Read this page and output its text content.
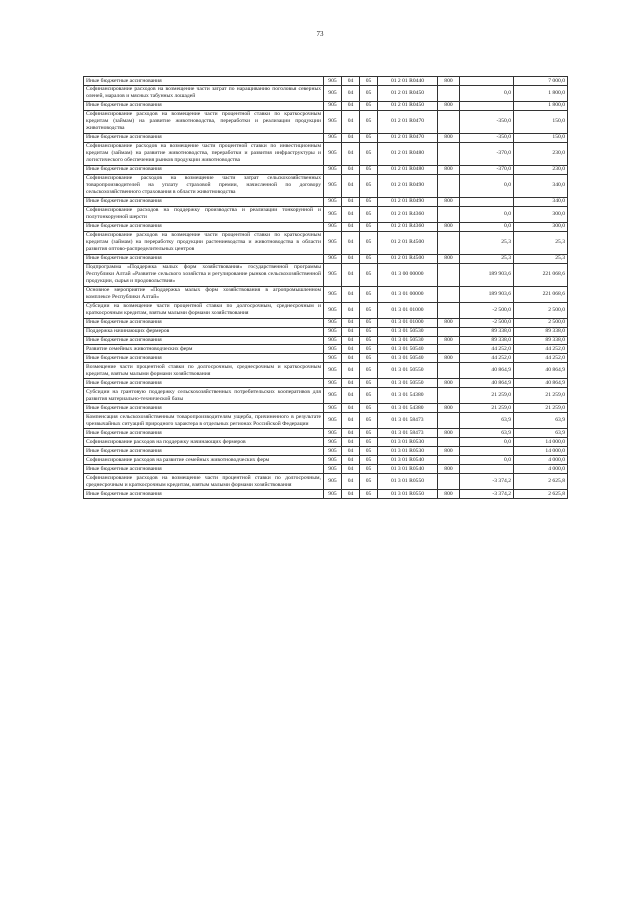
73
Иные бюджетные ассигнования	905	04	05	01 2 01 R0440	800		7 000,0
Софинансирование расходов на возмещение части затрат по наращиванию поголовья северных оленей, маралов и мясных табунных лошадей	905	04	05	01 2 01 R0450		0,0	1 800,0
Иные бюджетные ассигнования	905	04	05	01 2 01 R0450	800		1 800,0
Софинансирование расходов на возмещение части процентной ставки по краткосрочным кредитам (займам) на развитие животноводства, переработки и реализации продукции животноводства	905	04	05	01 2 01 R0470		-350,0	150,0
Иные бюджетные ассигнования	905	04	05	01 2 01 R0470	800	-350,0	150,0
Софинансирование расходов на возмещение части процентной ставки по инвестиционным кредитам (займам) на развитие животноводства, переработки и развития инфраструктуры и логистического обеспечения рынков продукции животноводства	905	04	05	01 2 01 R0480		-370,0	230,0
Иные бюджетные ассигнования	905	04	05	01 2 01 R0480	800	-370,0	230,0
Софинансирование расходов на возмещение части затрат сельскохозяйственных товаропроизводителей на уплату страховой премии, начисленной по договору сельскохозяйственного страхования в области животноводства	905	04	05	01 2 01 R0490		0,0	340,0
Иные бюджетные ассигнования	905	04	05	01 2 01 R0490	800		340,0
Софинансирование расходов на поддержку производства и реализации тонкорунной и полутонкорунной шерсти	905	04	05	01 2 01 R4360		0,0	300,0
Иные бюджетные ассигнования	905	04	05	01 2 01 R4360	800	0,0	300,0
Софинансирование расходов на возмещение части процентной ставки по краткосрочным кредитам (займам) на переработку продукции растениеводства и животноводства в области развития оптово-распределительных центров	905	04	05	01 2 01 R4500		25,3	25,3
Иные бюджетные ассигнования	905	04	05	01 2 01 R4500	800	25,3	25,3
Подпрограмма «Поддержка малых форм хозяйствования» государственной программы Республики Алтай «Развитие сельского хозяйства и регулирование рынков сельскохозяйственной продукции, сырья и продовольствия»	905	04	05	01 3 00 00000		189 903,6	221 068,6
Основное мероприятие «Поддержка малых форм хозяйствования в агропромышленном комплексе Республики Алтай»	905	04	05	01 3 01 00000		189 903,6	221 068,6
Субсидии на возмещение части процентной ставки по долгосрочным, среднесрочным и краткосрочным кредитам, взятым малыми формами хозяйствования	905	04	05	01 3 01 01000		-2 500,0	2 500,0
Иные бюджетные ассигнования	905	04	05	01 3 01 01000	800	-2 500,0	2 500,0
Поддержка начинающих фермеров	905	04	05	01 3 01 50530		89 338,0	89 338,0
Иные бюджетные ассигнования	905	04	05	01 3 01 50530	800	89 338,0	89 338,0
Развитие семейных животноводческих ферм	905	04	05	01 3 01 50540		44 252,0	44 252,0
Иные бюджетные ассигнования	905	04	05	01 3 01 50540	800	44 252,0	44 252,0
Возмещение части процентной ставки по долгосрочным, среднесрочным и краткосрочным кредитам, взятым малыми формами хозяйствования	905	04	05	01 3 01 50550		40 864,9	40 864,9
Иные бюджетные ассигнования	905	04	05	01 3 01 50550	800	40 864,9	40 864,9
Субсидии на грантовую поддержку сельскохозяйственных потребительских кооперативов для развития материально-технической базы	905	04	05	01 3 01 54380		21 259,0	21 259,0
Иные бюджетные ассигнования	905	04	05	01 3 01 54380	800	21 259,0	21 259,0
Компенсация сельскохозяйственным товаропроизводителям ущерба, причиненного в результате чрезвычайных ситуаций природного характера в отдельных регионах Российской Федерации	905	04	05	01 3 01 58473		63,9	63,9
Иные бюджетные ассигнования	905	04	05	01 3 01 58473	800	63,9	63,9
Софинансирование расходов на поддержку начинающих фермеров	905	04	05	01 3 01 R0530		0,0	14 000,0
Иные бюджетные ассигнования	905	04	05	01 3 01 R0530	800		14 000,0
Софинансирование расходов на развитие семейных животноводческих ферм	905	04	05	01 3 01 R0540		0,0	4 000,0
Иные бюджетные ассигнования	905	04	05	01 3 01 R0540	800		4 000,0
Софинансирование расходов на возмещение части процентной ставки по долгосрочным, среднесрочным и краткосрочным кредитам, взятым малыми формами хозяйствования	905	04	05	01 3 01 R0550		-3 374,2	2 625,8
Иные бюджетные ассигнования	905	04	05	01 3 01 R0550	800	-3 374,2	2 625,8
